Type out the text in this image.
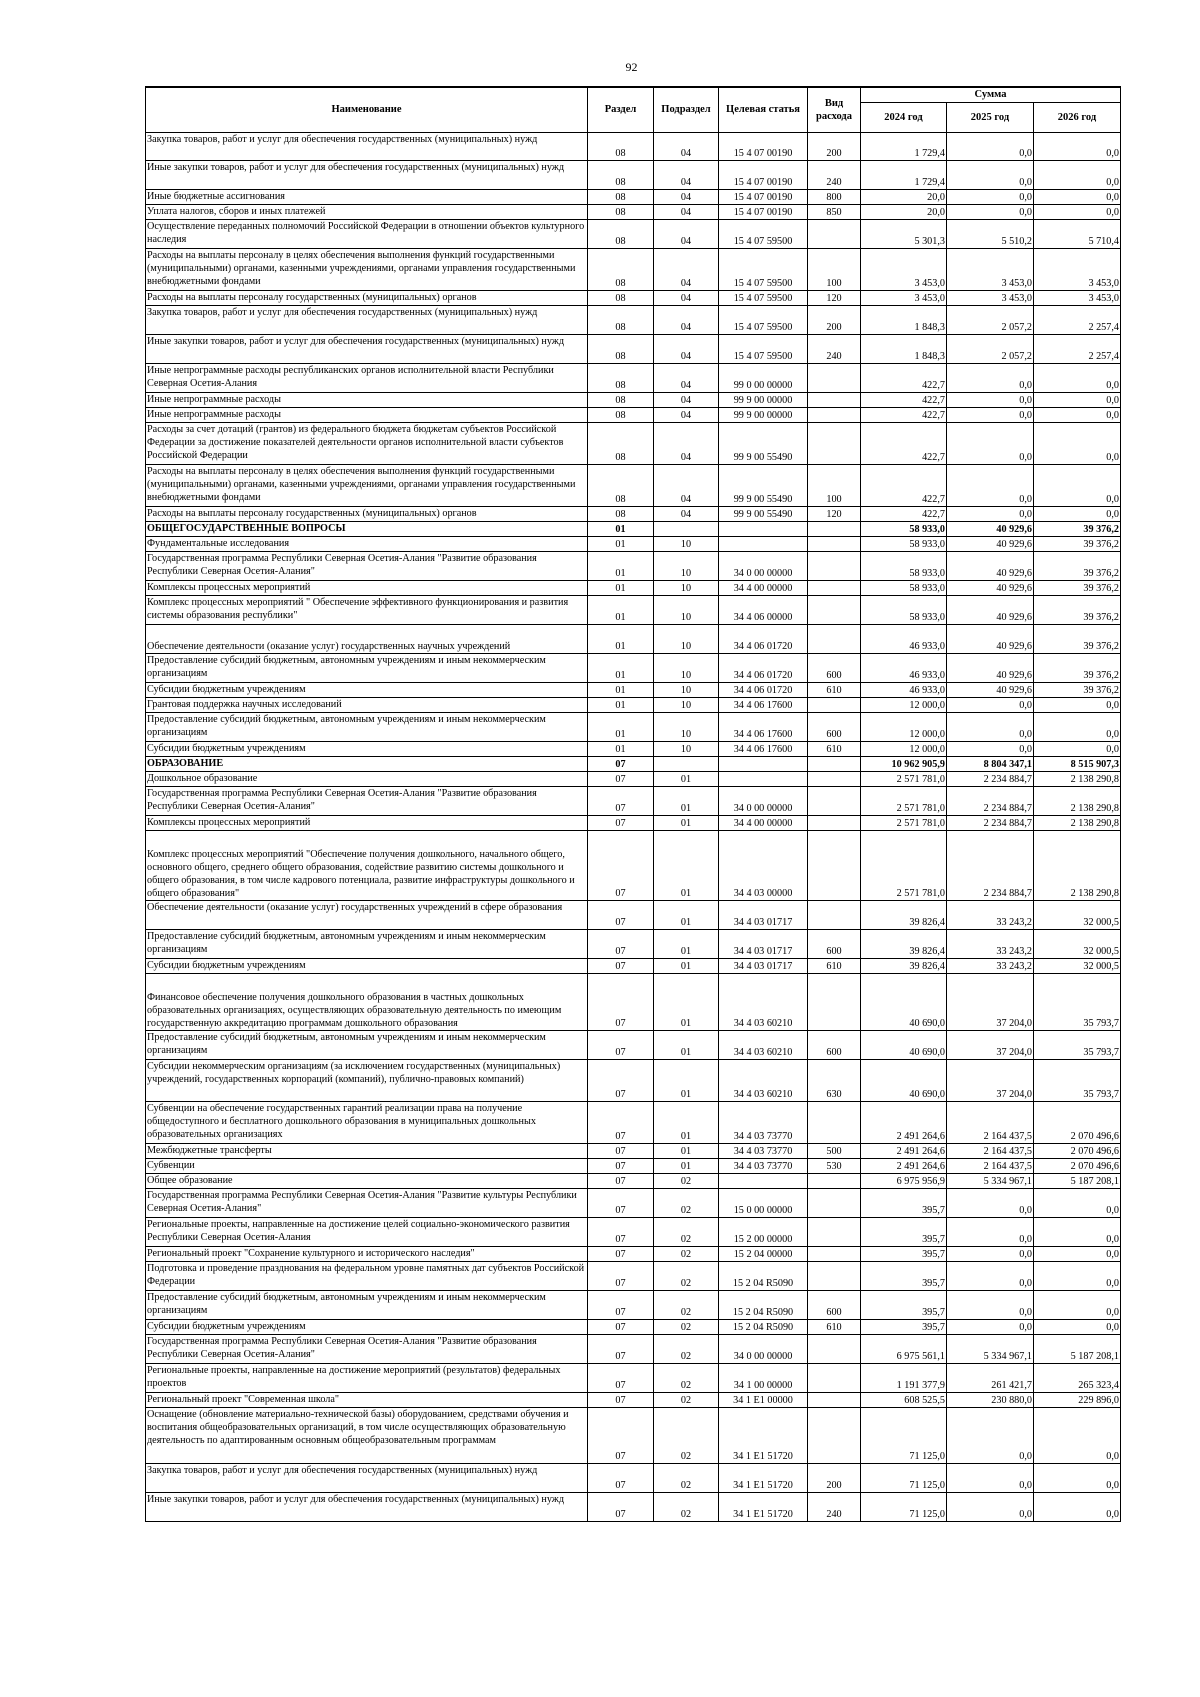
92
Наименование	Раздел	Подраздел	Целевая статья	Вид расхода	Сумма		
					2024 год	2025 год	2026 год
Закупка товаров, работ и услуг для обеспечения государственных (муниципальных) нужд	08	04	15 4 07 00190	200	1 729,4	0,0	0,0
Иные закупки товаров, работ и услуг для обеспечения государственных (муниципальных) нужд	08	04	15 4 07 00190	240	1 729,4	0,0	0,0
Иные бюджетные ассигнования	08	04	15 4 07 00190	800	20,0	0,0	0,0
Уплата налогов, сборов и иных платежей	08	04	15 4 07 00190	850	20,0	0,0	0,0
Осуществление переданных полномочий Российской Федерации в отношении объектов культурного наследия	08	04	15 4 07 59500		5 301,3	5 510,2	5 710,4
Расходы на выплаты персоналу в целях обеспечения выполнения функций государственными (муниципальными) органами, казенными учреждениями, органами управления государственными внебюджетными фондами	08	04	15 4 07 59500	100	3 453,0	3 453,0	3 453,0
Расходы на выплаты персоналу государственных (муниципальных) органов	08	04	15 4 07 59500	120	3 453,0	3 453,0	3 453,0
Закупка товаров, работ и услуг для обеспечения государственных (муниципальных) нужд	08	04	15 4 07 59500	200	1 848,3	2 057,2	2 257,4
Иные закупки товаров, работ и услуг для обеспечения государственных (муниципальных) нужд	08	04	15 4 07 59500	240	1 848,3	2 057,2	2 257,4
Иные непрограммные расходы республиканских органов исполнительной власти Республики Северная Осетия-Алания	08	04	99 0 00 00000		422,7	0,0	0,0
Иные непрограммные расходы	08	04	99 9 00 00000		422,7	0,0	0,0
Иные непрограммные расходы	08	04	99 9 00 00000		422,7	0,0	0,0
Расходы за счет дотаций (грантов) из федерального бюджета бюджетам субъектов Российской Федерации за достижение показателей деятельности органов исполнительной власти субъектов Российской Федерации	08	04	99 9 00 55490		422,7	0,0	0,0
Расходы на выплаты персоналу в целях обеспечения выполнения функций государственными (муниципальными) органами, казенными учреждениями, органами управления государственными внебюджетными фондами	08	04	99 9 00 55490	100	422,7	0,0	0,0
Расходы на выплаты персоналу государственных (муниципальных) органов	08	04	99 9 00 55490	120	422,7	0,0	0,0
ОБЩЕГОСУДАРСТВЕННЫЕ ВОПРОСЫ	01				58 933,0	40 929,6	39 376,2
Фундаментальные исследования	01	10			58 933,0	40 929,6	39 376,2
Государственная программа Республики Северная Осетия-Алания "Развитие образования Республики Северная Осетия-Алания"	01	10	34 0 00 00000		58 933,0	40 929,6	39 376,2
Комплексы процессных мероприятий	01	10	34 4 00 00000		58 933,0	40 929,6	39 376,2
Комплекс процессных мероприятий " Обеспечение эффективного функционирования и развития системы образования республики"	01	10	34 4 06 00000		58 933,0	40 929,6	39 376,2
Обеспечение деятельности (оказание услуг) государственных научных учреждений	01	10	34 4 06 01720		46 933,0	40 929,6	39 376,2
Предоставление субсидий бюджетным, автономным учреждениям и иным некоммерческим организациям	01	10	34 4 06 01720	600	46 933,0	40 929,6	39 376,2
Субсидии бюджетным учреждениям	01	10	34 4 06 01720	610	46 933,0	40 929,6	39 376,2
Грантовая поддержка научных исследований	01	10	34 4 06 17600		12 000,0	0,0	0,0
Предоставление субсидий бюджетным, автономным учреждениям и иным некоммерческим организациям	01	10	34 4 06 17600	600	12 000,0	0,0	0,0
Субсидии бюджетным учреждениям	01	10	34 4 06 17600	610	12 000,0	0,0	0,0
ОБРАЗОВАНИЕ	07				10 962 905,9	8 804 347,1	8 515 907,3
Дошкольное образование	07	01			2 571 781,0	2 234 884,7	2 138 290,8
Государственная программа Республики Северная Осетия-Алания "Развитие образования Республики Северная Осетия-Алания"	07	01	34 0 00 00000		2 571 781,0	2 234 884,7	2 138 290,8
Комплексы процессных мероприятий	07	01	34 4 00 00000		2 571 781,0	2 234 884,7	2 138 290,8
Комплекс процессных мероприятий "Обеспечение получения дошкольного, начального общего, основного общего, среднего общего образования, содействие развитию системы дошкольного и общего образования, в том числе кадрового потенциала, развитие инфраструктуры дошкольного и общего образования"	07	01	34 4 03 00000		2 571 781,0	2 234 884,7	2 138 290,8
Обеспечение деятельности (оказание услуг) государственных учреждений в сфере образования	07	01	34 4 03 01717		39 826,4	33 243,2	32 000,5
Предоставление субсидий бюджетным, автономным учреждениям и иным некоммерческим организациям	07	01	34 4 03 01717	600	39 826,4	33 243,2	32 000,5
Субсидии бюджетным учреждениям	07	01	34 4 03 01717	610	39 826,4	33 243,2	32 000,5
Финансовое обеспечение получения дошкольного образования в частных дошкольных образовательных организациях, осуществляющих образовательную деятельность по имеющим государственную аккредитацию программам дошкольного образования	07	01	34 4 03 60210		40 690,0	37 204,0	35 793,7
Предоставление субсидий бюджетным, автономным учреждениям и иным некоммерческим организациям	07	01	34 4 03 60210	600	40 690,0	37 204,0	35 793,7
Субсидии некоммерческим организациям (за исключением государственных (муниципальных) учреждений, государственных корпораций (компаний), публично-правовых компаний)	07	01	34 4 03 60210	630	40 690,0	37 204,0	35 793,7
Субвенции на обеспечение государственных гарантий реализации права на получение общедоступного и бесплатного дошкольного образования в муниципальных дошкольных образовательных организациях	07	01	34 4 03 73770		2 491 264,6	2 164 437,5	2 070 496,6
Межбюджетные трансферты	07	01	34 4 03 73770	500	2 491 264,6	2 164 437,5	2 070 496,6
Субвенции	07	01	34 4 03 73770	530	2 491 264,6	2 164 437,5	2 070 496,6
Общее образование	07	02			6 975 956,9	5 334 967,1	5 187 208,1
Государственная программа Республики Северная Осетия-Алания "Развитие культуры Республики Северная Осетия-Алания"	07	02	15 0 00 00000		395,7	0,0	0,0
Региональные проекты, направленные на достижение целей социально-экономического развития Республики Северная Осетия-Алания	07	02	15 2 00 00000		395,7	0,0	0,0
Региональный проект "Сохранение культурного и исторического наследия"	07	02	15 2 04 00000		395,7	0,0	0,0
Подготовка и проведение празднования на федеральном уровне памятных дат субъектов Российской Федерации	07	02	15 2 04 R5090		395,7	0,0	0,0
Предоставление субсидий бюджетным, автономным учреждениям и иным некоммерческим организациям	07	02	15 2 04 R5090	600	395,7	0,0	0,0
Субсидии бюджетным учреждениям	07	02	15 2 04 R5090	610	395,7	0,0	0,0
Государственная программа Республики Северная Осетия-Алания "Развитие образования Республики Северная Осетия-Алания"	07	02	34 0 00 00000		6 975 561,1	5 334 967,1	5 187 208,1
Региональные проекты, направленные на достижение мероприятий (результатов) федеральных проектов	07	02	34 1 00 00000		1 191 377,9	261 421,7	265 323,4
Региональный проект "Современная школа"	07	02	34 1 E1 00000		608 525,5	230 880,0	229 896,0
Оснащение (обновление материально-технической базы) оборудованием, средствами обучения и воспитания общеобразовательных организаций, в том числе осуществляющих образовательную деятельность по адаптированным основным общеобразовательным программам	07	02	34 1 E1 51720		71 125,0	0,0	0,0
Закупка товаров, работ и услуг для обеспечения государственных (муниципальных) нужд	07	02	34 1 E1 51720	200	71 125,0	0,0	0,0
Иные закупки товаров, работ и услуг для обеспечения государственных (муниципальных) нужд	07	02	34 1 E1 51720	240	71 125,0	0,0	0,0
